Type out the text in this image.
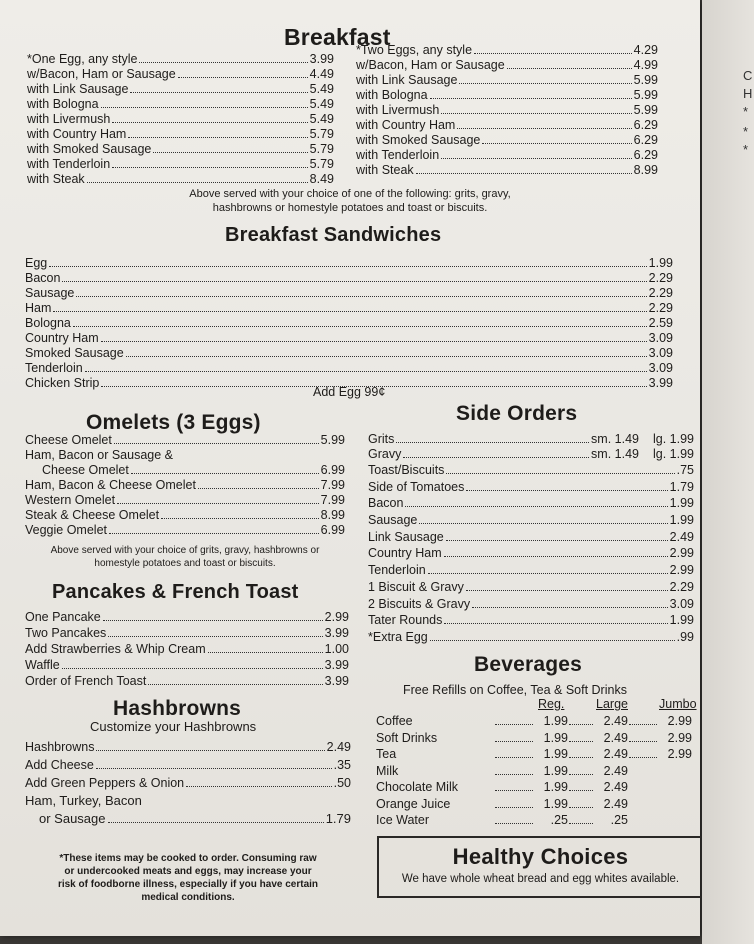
Breakfast
*One Egg, any style	3.99
w/Bacon, Ham or Sausage	4.49
with Link Sausage	5.49
with Bologna	5.49
with Livermush	5.49
with Country Ham	5.79
with Smoked Sausage	5.79
with Tenderloin	5.79
with Steak	8.49
*Two Eggs, any style	4.29
w/Bacon, Ham or Sausage	4.99
with Link Sausage	5.99
with Bologna	5.99
with Livermush	5.99
with Country Ham	6.29
with Smoked Sausage	6.29
with Tenderloin	6.29
with Steak	8.99
Above served with your choice of one of the following: grits, gravy,
hashbrowns or homestyle potatoes and toast or biscuits.
Breakfast Sandwiches
Egg	1.99
Bacon	2.29
Sausage	2.29
Ham	2.29
Bologna	2.59
Country Ham	3.09
Smoked Sausage	3.09
Tenderloin	3.09
Chicken Strip	3.99
Add Egg 99¢
Omelets (3 Eggs)
Cheese Omelet	5.99
Ham, Bacon or Sausage &
Cheese Omelet	6.99
Ham, Bacon & Cheese Omelet	7.99
Western Omelet	7.99
Steak & Cheese Omelet	8.99
Veggie Omelet	6.99
Above served with your choice of grits, gravy, hashbrowns or
homestyle potatoes and toast or biscuits.
Pancakes & French Toast
One Pancake	2.99
Two Pancakes	3.99
Add Strawberries & Whip Cream	1.00
Waffle	3.99
Order of French Toast	3.99
Hashbrowns
Customize your Hashbrowns
Hashbrowns	2.49
Add Cheese	.35
Add Green Peppers & Onion	.50
Ham, Turkey, Bacon
or Sausage	1.79
*These items may be cooked to order. Consuming raw
or undercooked meats and eggs, may increase your
risk of foodborne illness, especially if you have certain
medical conditions.
Side Orders
Grits	sm. 1.49 lg. 1.99
Gravy	sm. 1.49 lg. 1.99
Toast/Biscuits	.75
Side of Tomatoes	1.79
Bacon	1.99
Sausage	1.99
Link Sausage	2.49
Country Ham	2.99
Tenderloin	2.99
1 Biscuit & Gravy	2.29
2 Biscuits & Gravy	3.09
Tater Rounds	1.99
*Extra Egg	.99
Beverages
Free Refills on Coffee, Tea & Soft Drinks
Reg.	Large Jumbo
Coffee	1.99	2.49	2.99
Soft Drinks	1.99	2.49	2.99
Tea	1.99	2.49	2.99
Milk	1.99	2.49
Chocolate Milk	1.99	2.49
Orange Juice	1.99	2.49
Ice Water	.25	.25
Healthy Choices
We have whole wheat bread and egg whites available.
C
H
*
*
*
